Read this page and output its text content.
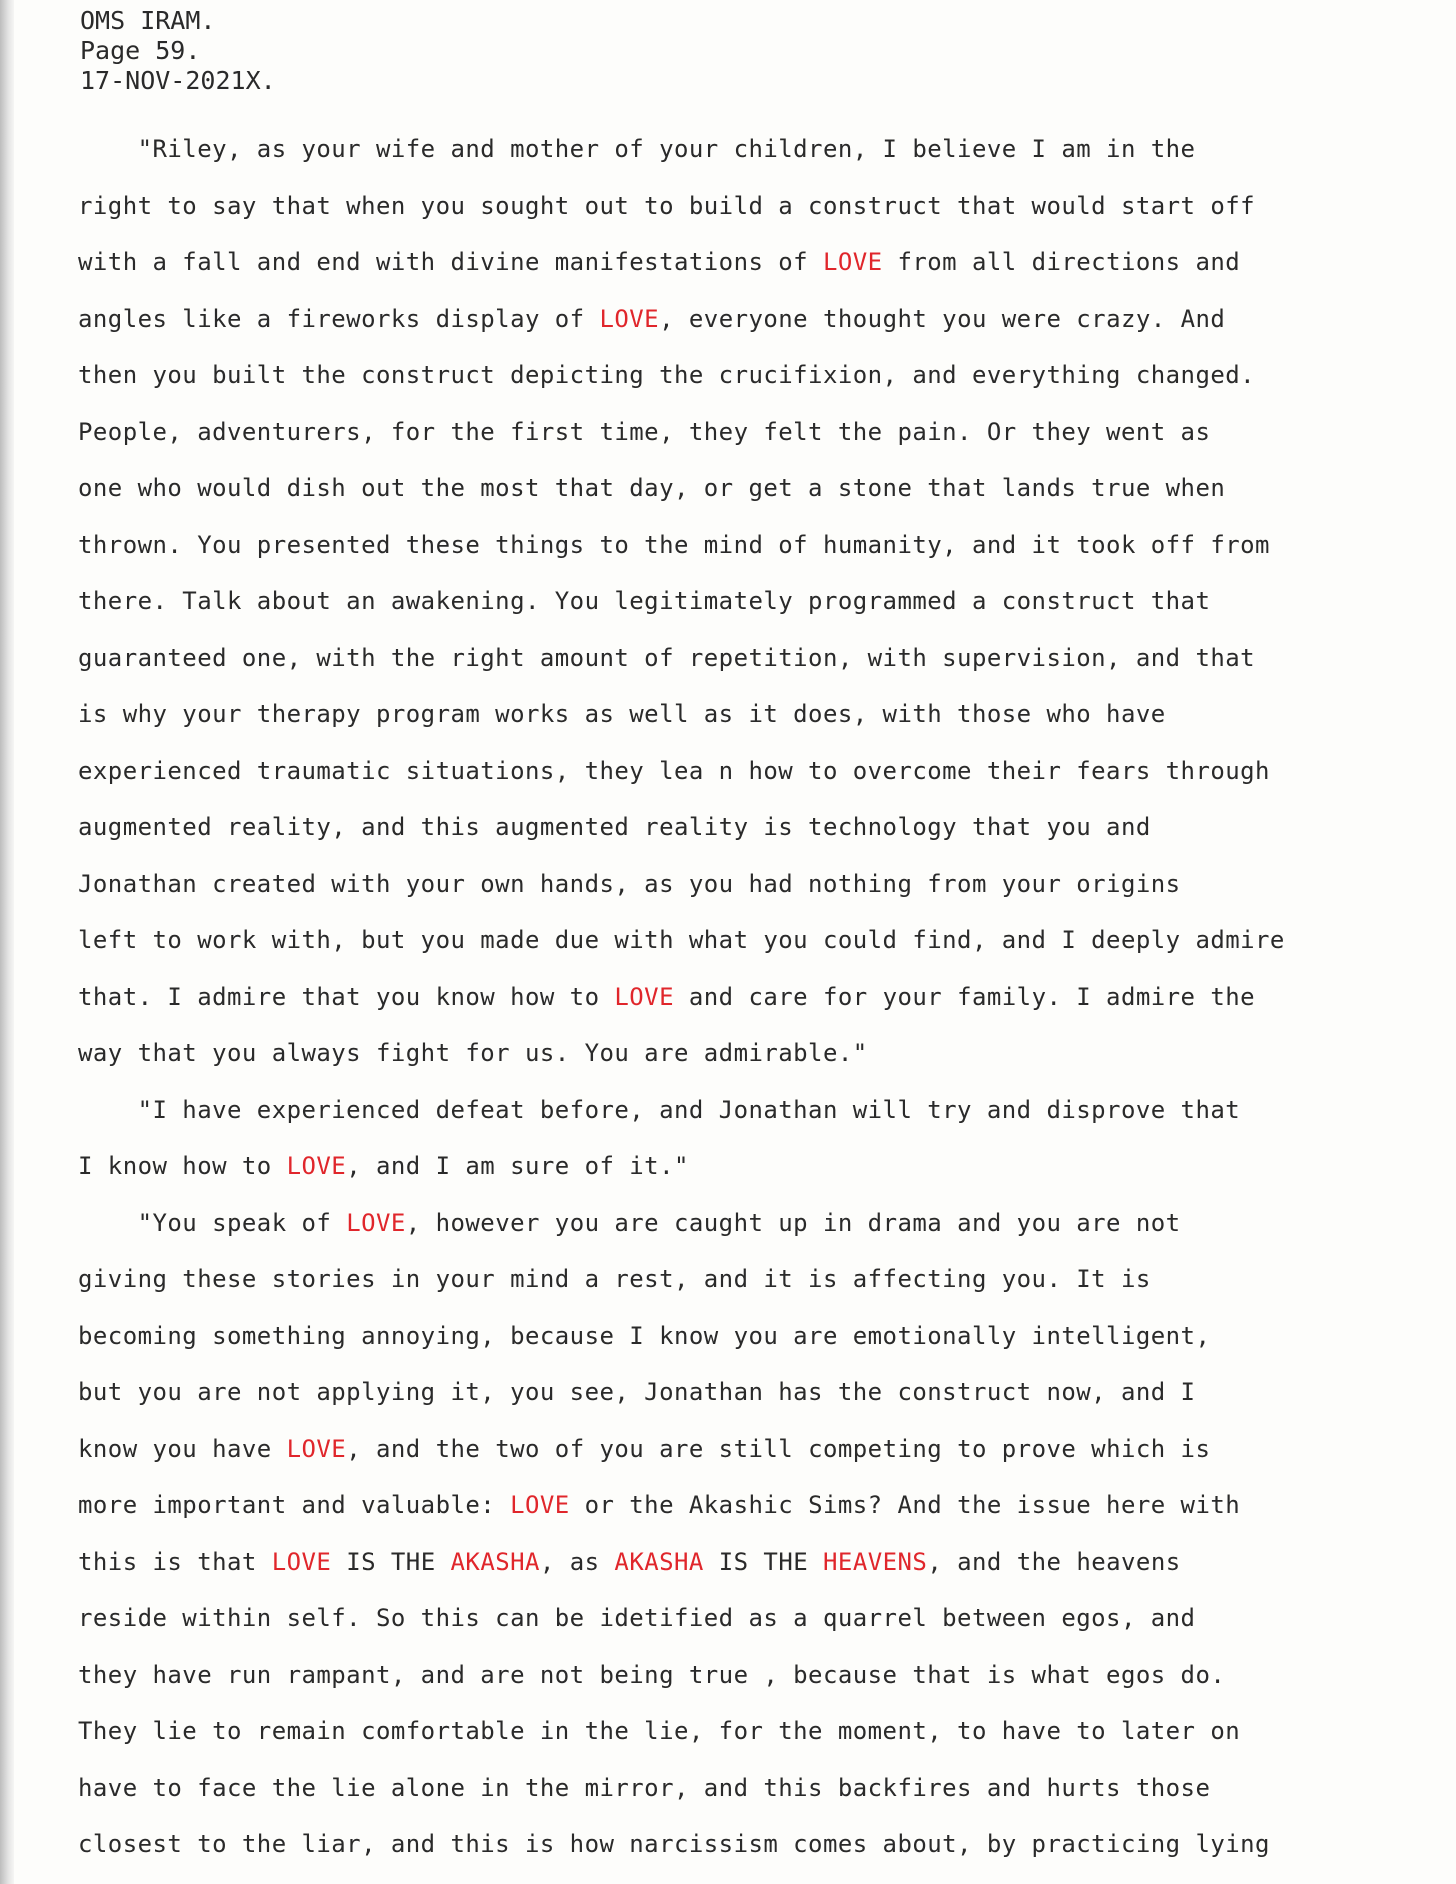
OMS IRAM.
Page 59.
17-NOV-2021X.
"Riley, as your wife and mother of your children, I believe I am in the
right to say that when you sought out to build a construct that would start off
with a fall and end with divine manifestations of LOVE from all directions and
angles like a fireworks display of LOVE, everyone thought you were crazy. And
then you built the construct depicting the crucifixion, and everything changed.
People, adventurers, for the first time, they felt the pain. Or they went as
one who would dish out the most that day, or get a stone that lands true when
thrown. You presented these things to the mind of humanity, and it took off from
there. Talk about an awakening. You legitimately programmed a construct that
guaranteed one, with the right amount of repetition, with supervision, and that
is why your therapy program works as well as it does, with those who have
experienced traumatic situations, they lea n how to overcome their fears through
augmented reality, and this augmented reality is technology that you and
Jonathan created with your own hands, as you had nothing from your origins
left to work with, but you made due with what you could find, and I deeply admire
that. I admire that you know how to LOVE and care for your family. I admire the
way that you always fight for us. You are admirable."
"I have experienced defeat before, and Jonathan will try and disprove that
I know how to LOVE, and I am sure of it."
"You speak of LOVE, however you are caught up in drama and you are not
giving these stories in your mind a rest, and it is affecting you. It is
becoming something annoying, because I know you are emotionally intelligent,
but you are not applying it, you see, Jonathan has the construct now, and I
know you have LOVE, and the two of you are still competing to prove which is
more important and valuable: LOVE or the Akashic Sims? And the issue here with
this is that LOVE IS THE AKASHA, as AKASHA IS THE HEAVENS, and the heavens
reside within self. So this can be idetified as a quarrel between egos, and
they have run rampant, and are not being true , because that is what egos do.
They lie to remain comfortable in the lie, for the moment, to have to later on
have to face the lie alone in the mirror, and this backfires and hurts those
closest to the liar, and this is how narcissism comes about, by practicing lying
